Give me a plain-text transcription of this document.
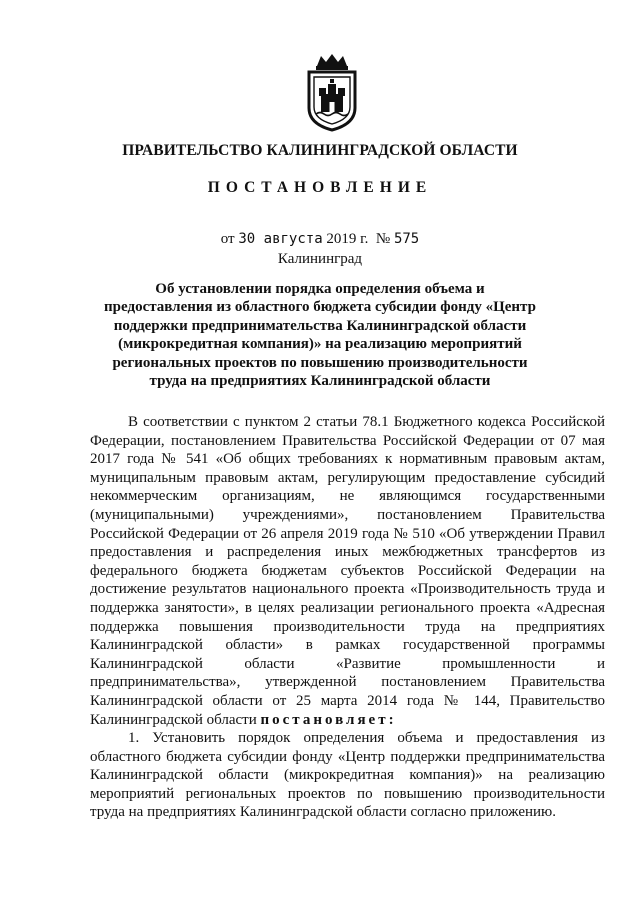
ПРАВИТЕЛЬСТВО КАЛИНИНГРАДСКОЙ ОБЛАСТИ
ПОСТАНОВЛЕНИЕ
от 30 августа 2019 г. № 575
Калининград
Об установлении порядка определения объема и предоставления из областного бюджета субсидии фонду «Центр поддержки предпринимательства Калининградской области (микрокредитная компания)» на реализацию мероприятий региональных проектов по повышению производительности труда на предприятиях Калининградской области

В соответствии с пунктом 2 статьи 78.1 Бюджетного кодекса Российской Федерации, постановлением Правительства Российской Федерации от 07 мая 2017 года № 541 «Об общих требованиях к нормативным правовым актам, муниципальным правовым актам, регулирующим предоставление субсидий некоммерческим организациям, не являющимся государственными (муниципальными) учреждениями», постановлением Правительства Российской Федерации от 26 апреля 2019 года № 510 «Об утверждении Правил предоставления и распределения иных межбюджетных трансфертов из федерального бюджета бюджетам субъектов Российской Федерации на достижение результатов национального проекта «Производительность труда и поддержка занятости», в целях реализации регионального проекта «Адресная поддержка повышения производительности труда на предприятиях Калининградской области» в рамках государственной программы Калининградской области «Развитие промышленности и предпринимательства», утвержденной постановлением Правительства Калининградской области от 25 марта 2014 года № 144, Правительство Калининградской области постановляет:

1. Установить порядок определения объема и предоставления из областного бюджета субсидии фонду «Центр поддержки предпринимательства Калининградской области (микрокредитная компания)» на реализацию мероприятий региональных проектов по повышению производительности труда на предприятиях Калининградской области согласно приложению.
